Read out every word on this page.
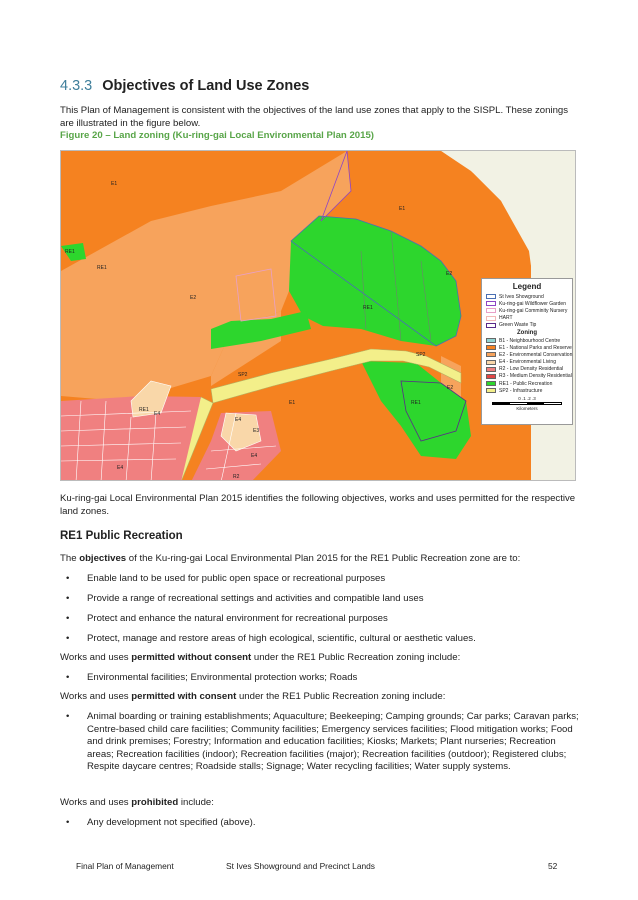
4.3.3 Objectives of Land Use Zones
This Plan of Management is consistent with the objectives of the land use zones that apply to the SISPL. These zonings are illustrated in the figure below.
Figure 20 – Land zoning (Ku-ring-gai Local Environmental Plan 2015)
E1
E1
E2
E2
E2
RE1
RE1
RE1
RE1
RE1
SP2
SP2
E1
E4
E4
E3
E4
E4
R2
Legend
St Ives Showground
Ku-ring-gai Wildflower Garden
Ku-ring-gai Comminity Nursery
HART
Green Waste Tip
Zoning
B1 - Neighbourhood Centre
E1 - National Parks and Reserve
E2 - Environmental Conservation
E4 - Environmental Living
R2 - Low Density Residential
R3 - Medium Density Residential
RE1 - Public Recreation
SP2 - Infrastructure
0 .1 .2 .3
Kilometers
Ku-ring-gai Local Environmental Plan 2015 identifies the following objectives, works and uses permitted for the respective land zones.
RE1 Public Recreation
The objectives of the Ku-ring-gai Local Environmental Plan 2015 for the RE1 Public Recreation zone are to:
• Enable land to be used for public open space or recreational purposes
• Provide a range of recreational settings and activities and compatible land uses
• Protect and enhance the natural environment for recreational purposes
• Protect, manage and restore areas of high ecological, scientific, cultural or aesthetic values.
Works and uses permitted without consent under the RE1 Public Recreation zoning include:
• Environmental facilities; Environmental protection works; Roads
Works and uses permitted with consent under the RE1 Public Recreation zoning include:
• Animal boarding or training establishments; Aquaculture; Beekeeping; Camping grounds; Car parks; Caravan parks; Centre-based child care facilities; Community facilities; Emergency services facilities; Flood mitigation works; Food and drink premises; Forestry; Information and education facilities; Kiosks; Markets; Plant nurseries; Recreation areas; Recreation facilities (indoor); Recreation facilities (major); Recreation facilities (outdoor); Registered clubs; Respite daycare centres; Roadside stalls; Signage; Water recycling facilities; Water supply systems.
Works and uses prohibited include:
• Any development not specified (above).
Final Plan of Management	St Ives Showground and Precinct Lands	52
